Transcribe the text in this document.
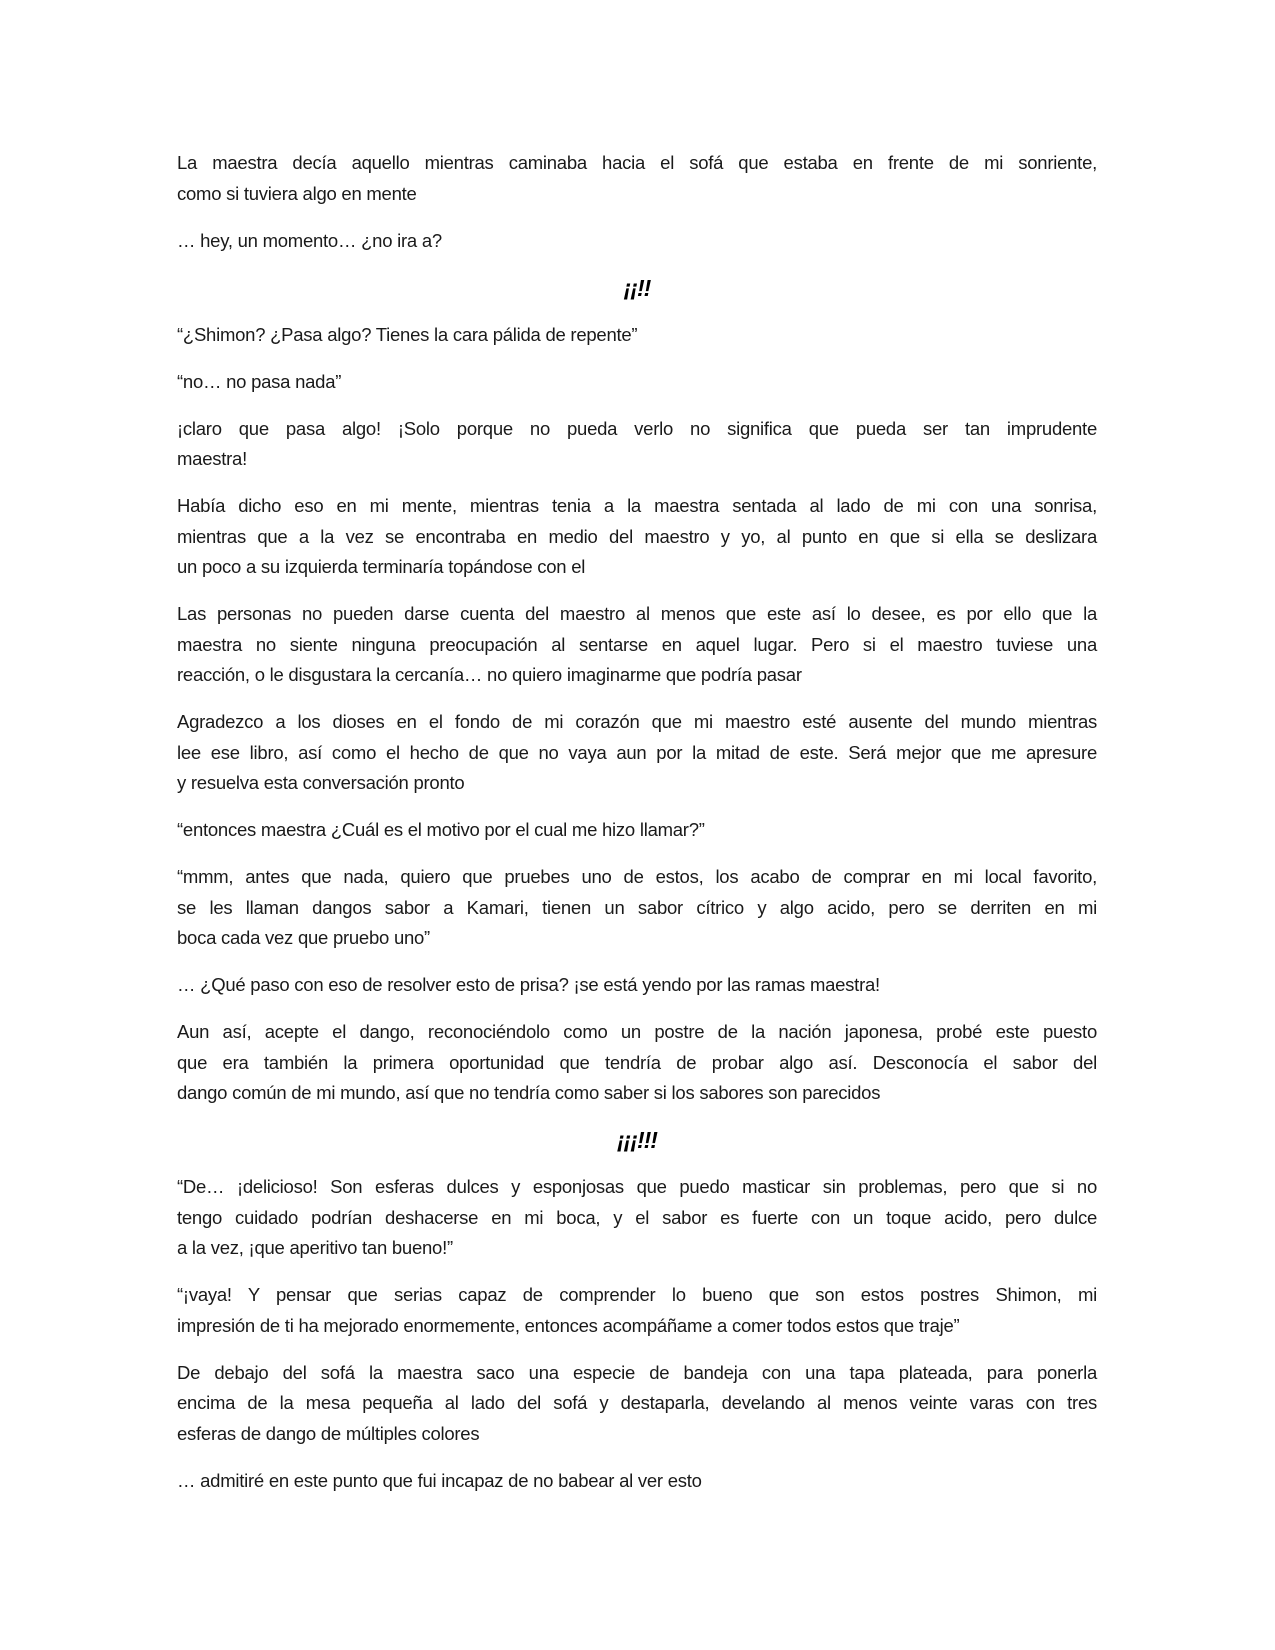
La maestra decía aquello mientras caminaba hacia el sofá que estaba en frente de mi sonriente,
como si tuviera algo en mente
… hey, un momento… ¿no ira a?
¡¡!!
“¿Shimon? ¿Pasa algo? Tienes la cara pálida de repente”
“no… no pasa nada”
¡claro que pasa algo! ¡Solo porque no pueda verlo no significa que pueda ser tan imprudente
maestra!
Había dicho eso en mi mente, mientras tenia a la maestra sentada al lado de mi con una sonrisa,
mientras que a la vez se encontraba en medio del maestro y yo, al punto en que si ella se deslizara
un poco a su izquierda terminaría topándose con el
Las personas no pueden darse cuenta del maestro al menos que este así lo desee, es por ello que la
maestra no siente ninguna preocupación al sentarse en aquel lugar. Pero si el maestro tuviese una
reacción, o le disgustara la cercanía… no quiero imaginarme que podría pasar
Agradezco a los dioses en el fondo de mi corazón que mi maestro esté ausente del mundo mientras
lee ese libro, así como el hecho de que no vaya aun por la mitad de este. Será mejor que me apresure
y resuelva esta conversación pronto
“entonces maestra ¿Cuál es el motivo por el cual me hizo llamar?”
“mmm, antes que nada, quiero que pruebes uno de estos, los acabo de comprar en mi local favorito,
se les llaman dangos sabor a Kamari, tienen un sabor cítrico y algo acido, pero se derriten en mi
boca cada vez que pruebo uno”
… ¿Qué paso con eso de resolver esto de prisa? ¡se está yendo por las ramas maestra!
Aun así, acepte el dango, reconociéndolo como un postre de la nación japonesa, probé este puesto
que era también la primera oportunidad que tendría de probar algo así. Desconocía el sabor del
dango común de mi mundo, así que no tendría como saber si los sabores son parecidos
¡¡¡!!!
“De… ¡delicioso! Son esferas dulces y esponjosas que puedo masticar sin problemas, pero que si no
tengo cuidado podrían deshacerse en mi boca, y el sabor es fuerte con un toque acido, pero dulce
a la vez, ¡que aperitivo tan bueno!”
“¡vaya! Y pensar que serias capaz de comprender lo bueno que son estos postres Shimon, mi
impresión de ti ha mejorado enormemente, entonces acompáñame a comer todos estos que traje”
De debajo del sofá la maestra saco una especie de bandeja con una tapa plateada, para ponerla
encima de la mesa pequeña al lado del sofá y destaparla, develando al menos veinte varas con tres
esferas de dango de múltiples colores
… admitiré en este punto que fui incapaz de no babear al ver esto
